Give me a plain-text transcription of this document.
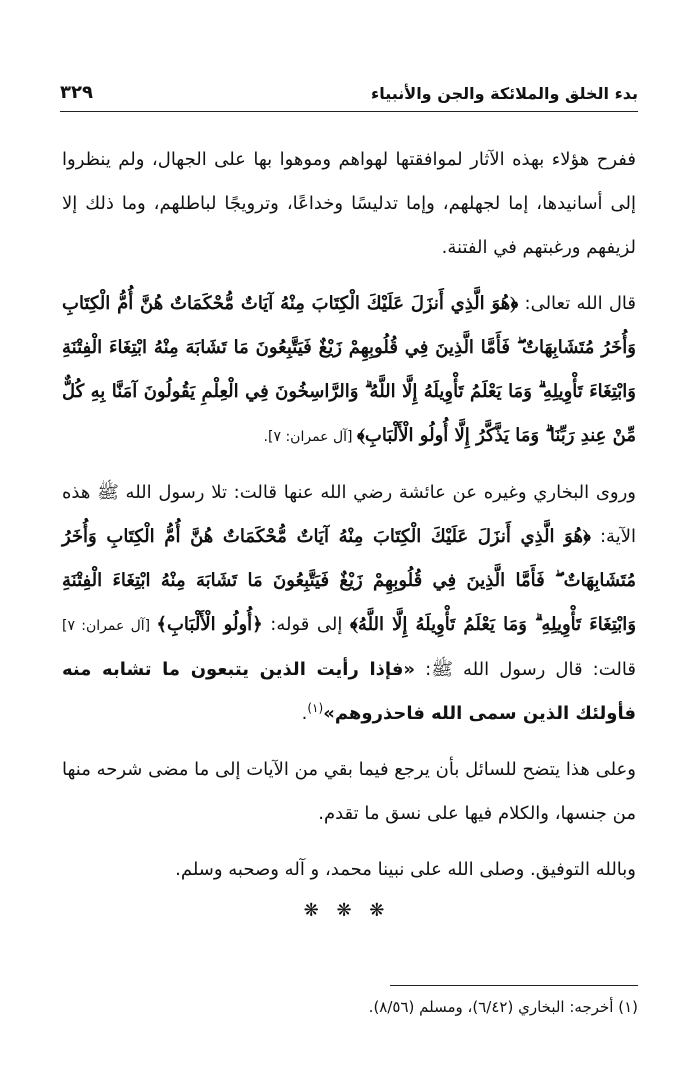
بدء الخلق والملائكة والجن والأنبياء
٣٢٩

ففرح هؤلاء بهذه الآثار لموافقتها لهواهم وموهوا بها على الجهال، ولم ينظروا إلى أسانيدها، إما لجهلهم، وإما تدليسًا وخداعًا، وترويجًا لباطلهم، وما ذلك إلا لزيفهم ورغبتهم في الفتنة.

قال الله تعالى: ﴿هُوَ الَّذِي أَنزَلَ عَلَيْكَ الْكِتَابَ مِنْهُ آيَاتٌ مُّحْكَمَاتٌ هُنَّ أُمُّ الْكِتَابِ وَأُخَرُ مُتَشَابِهَاتٌ ۖ فَأَمَّا الَّذِينَ فِي قُلُوبِهِمْ زَيْغٌ فَيَتَّبِعُونَ مَا تَشَابَهَ مِنْهُ ابْتِغَاءَ الْفِتْنَةِ وَابْتِغَاءَ تَأْوِيلِهِ ۗ وَمَا يَعْلَمُ تَأْوِيلَهُ إِلَّا اللَّهُ ۗ وَالرَّاسِخُونَ فِي الْعِلْمِ يَقُولُونَ آمَنَّا بِهِ كُلٌّ مِّنْ عِندِ رَبِّنَا ۗ وَمَا يَذَّكَّرُ إِلَّا أُولُو الْأَلْبَابِ﴾ [آل عمران: ٧].

وروى البخاري وغيره عن عائشة رضي الله عنها قالت: تلا رسول الله ﷺ هذه الآية: ﴿هُوَ الَّذِي أَنزَلَ عَلَيْكَ الْكِتَابَ مِنْهُ آيَاتٌ مُّحْكَمَاتٌ هُنَّ أُمُّ الْكِتَابِ وَأُخَرُ مُتَشَابِهَاتٌ ۖ فَأَمَّا الَّذِينَ فِي قُلُوبِهِمْ زَيْغٌ فَيَتَّبِعُونَ مَا تَشَابَهَ مِنْهُ ابْتِغَاءَ الْفِتْنَةِ وَابْتِغَاءَ تَأْوِيلِهِ ۗ وَمَا يَعْلَمُ تَأْوِيلَهُ إِلَّا اللَّهُ﴾ إلى قوله: ﴿أُولُو الْأَلْبَابِ﴾ [آل عمران: ٧] قالت: قال رسول الله ﷺ: «فإذا رأيت الذين يتبعون ما تشابه منه فأولئك الذين سمى الله فاحذروهم»$^{(١)}$.

وعلى هذا يتضح للسائل بأن يرجع فيما بقي من الآيات إلى ما مضى شرحه منها من جنسها، والكلام فيها على نسق ما تقدم.

وبالله التوفيق. وصلى الله على نبينا محمد، و آله وصحبه وسلم.

❋ ❋ ❋
(١) أخرجه: البخاري (٦/٤٢)، ومسلم (٨/٥٦).
